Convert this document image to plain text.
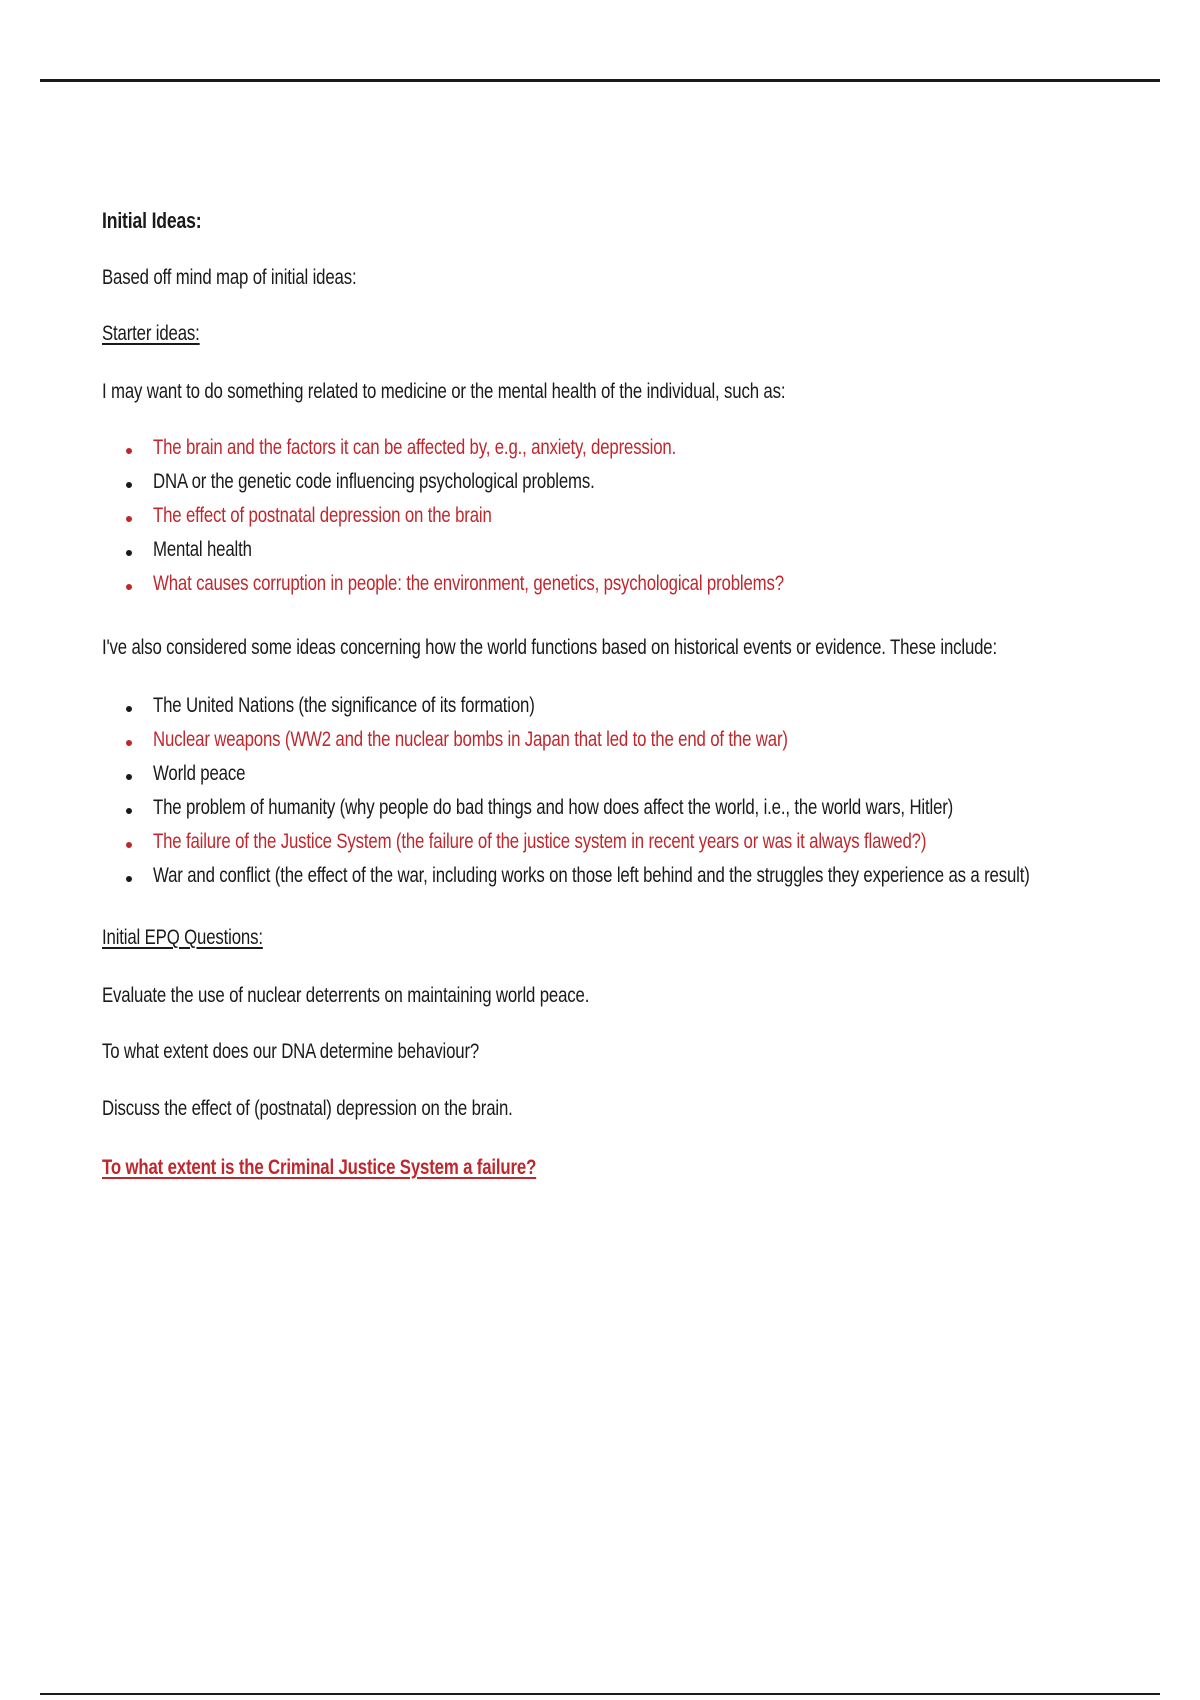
Initial Ideas:
Based off mind map of initial ideas:
Starter ideas:
I may want to do something related to medicine or the mental health of the individual, such as:
The brain and the factors it can be affected by, e.g., anxiety, depression.
DNA or the genetic code influencing psychological problems.
The effect of postnatal depression on the brain
Mental health
What causes corruption in people: the environment, genetics, psychological problems?
I've also considered some ideas concerning how the world functions based on historical events or evidence. These include:
The United Nations (the significance of its formation)
Nuclear weapons (WW2 and the nuclear bombs in Japan that led to the end of the war)
World peace
The problem of humanity (why people do bad things and how does affect the world, i.e., the world wars, Hitler)
The failure of the Justice System (the failure of the justice system in recent years or was it always flawed?)
War and conflict (the effect of the war, including works on those left behind and the struggles they experience as a result)
Initial EPQ Questions:
Evaluate the use of nuclear deterrents on maintaining world peace.
To what extent does our DNA determine behaviour?
Discuss the effect of (postnatal) depression on the brain.
To what extent is the Criminal Justice System a failure?
